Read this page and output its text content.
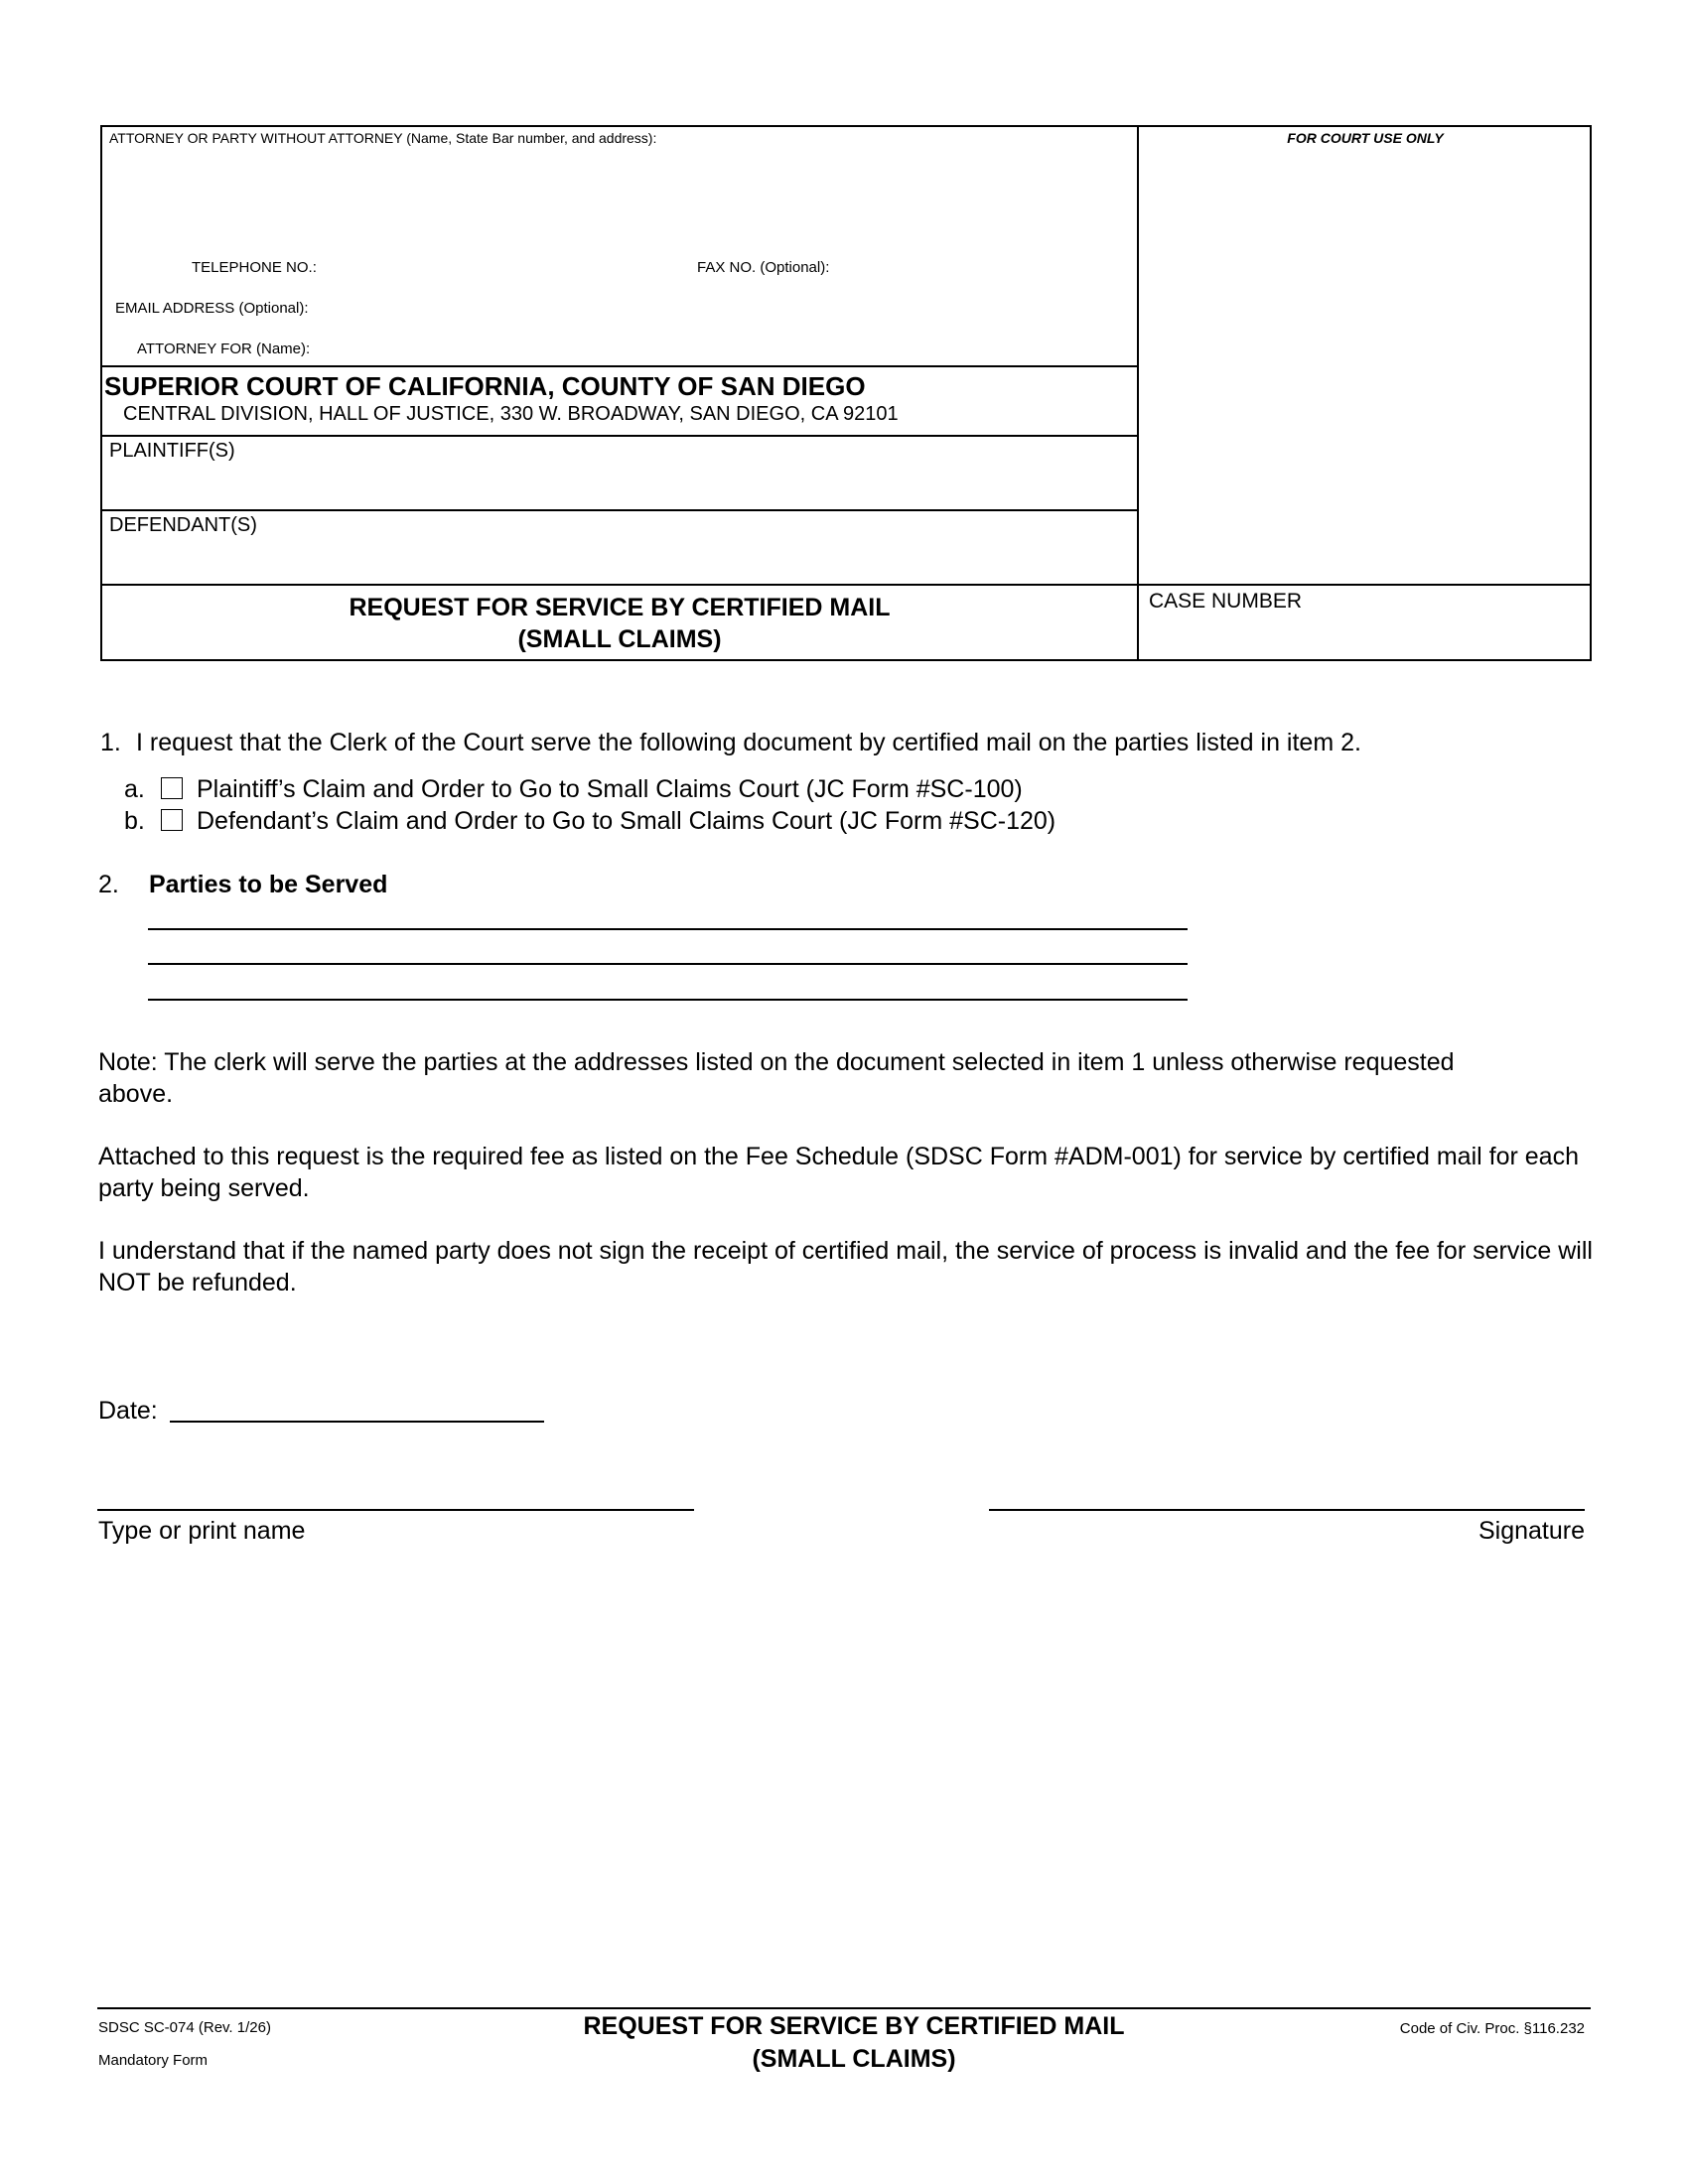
ATTORNEY OR PARTY WITHOUT ATTORNEY (Name, State Bar number, and address):	FOR COURT USE ONLY
TELEPHONE NO.:	FAX NO. (Optional):
EMAIL ADDRESS (Optional):
ATTORNEY FOR (Name):
SUPERIOR COURT OF CALIFORNIA, COUNTY OF SAN DIEGO
CENTRAL DIVISION, HALL OF JUSTICE, 330 W. BROADWAY, SAN DIEGO, CA 92101
PLAINTIFF(S)
DEFENDANT(S)
REQUEST FOR SERVICE BY CERTIFIED MAIL
(SMALL CLAIMS)
CASE NUMBER
1. I request that the Clerk of the Court serve the following document by certified mail on the parties listed in item 2.
a. Plaintiff’s Claim and Order to Go to Small Claims Court (JC Form #SC-100)
b. Defendant’s Claim and Order to Go to Small Claims Court (JC Form #SC-120)
2. Parties to be Served
Note: The clerk will serve the parties at the addresses listed on the document selected in item 1 unless otherwise requested above.
Attached to this request is the required fee as listed on the Fee Schedule (SDSC Form #ADM-001) for service by certified mail for each party being served.
I understand that if the named party does not sign the receipt of certified mail, the service of process is invalid and the fee for service will NOT be refunded.
Date:
Type or print name	Signature
SDSC SC-074 (Rev. 1/26)
Mandatory Form
REQUEST FOR SERVICE BY CERTIFIED MAIL
(SMALL CLAIMS)
Code of Civ. Proc. §116.232
